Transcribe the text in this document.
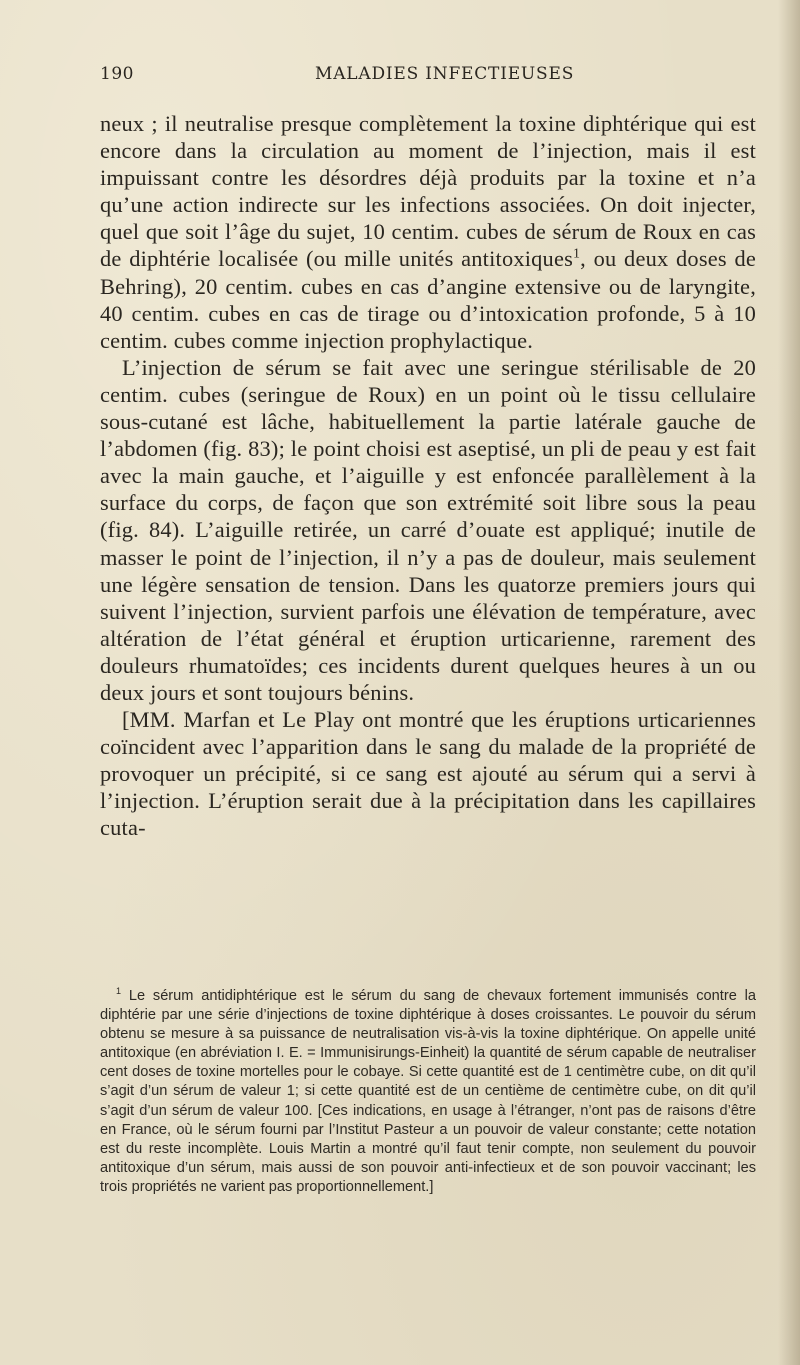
190	MALADIES INFECTIEUSES

neux ; il neutralise presque complètement la toxine diphtérique qui est encore dans la circulation au moment de l’injection, mais il est impuissant contre les désordres déjà produits par la toxine et n’a qu’une action indirecte sur les infections associées. On doit injecter, quel que soit l’âge du sujet, 10 centim. cubes de sérum de Roux en cas de diphtérie localisée (ou mille unités antitoxiques$^1$, ou deux doses de Behring), 20 centim. cubes en cas d’angine extensive ou de laryngite, 40 centim. cubes en cas de tirage ou d’intoxication profonde, 5 à 10 centim. cubes comme injection prophylactique.

L’injection de sérum se fait avec une seringue stérilisable de 20 centim. cubes (seringue de Roux) en un point où le tissu cellulaire sous-cutané est lâche, habituellement la partie latérale gauche de l’abdomen (fig. 83); le point choisi est aseptisé, un pli de peau y est fait avec la main gauche, et l’aiguille y est enfoncée parallèlement à la surface du corps, de façon que son extrémité soit libre sous la peau (fig. 84). L’aiguille retirée, un carré d’ouate est appliqué; inutile de masser le point de l’injection, il n’y a pas de douleur, mais seulement une légère sensation de tension. Dans les quatorze premiers jours qui suivent l’injection, survient parfois une élévation de température, avec altération de l’état général et éruption urticarienne, rarement des douleurs rhumatoïdes; ces incidents durent quelques heures à un ou deux jours et sont toujours bénins.

[MM. Marfan et Le Play ont montré que les éruptions urticariennes coïncident avec l’apparition dans le sang du malade de la propriété de provoquer un précipité, si ce sang est ajouté au sérum qui a servi à l’injection. L’éruption serait due à la précipitation dans les capillaires cuta-

$^1$ Le sérum antidiphtérique est le sérum du sang de chevaux fortement immunisés contre la diphtérie par une série d’injections de toxine diphtérique à doses croissantes. Le pouvoir du sérum obtenu se mesure à sa puissance de neutralisation vis-à-vis la toxine diphtérique. On appelle unité antitoxique (en abréviation I. E. = Immunisirungs-Einheit) la quantité de sérum capable de neutraliser cent doses de toxine mortelles pour le cobaye. Si cette quantité est de 1 centimètre cube, on dit qu’il s’agit d’un sérum de valeur 1; si cette quantité est de un centième de centimètre cube, on dit qu’il s’agit d’un sérum de valeur 100. [Ces indications, en usage à l’étranger, n’ont pas de raisons d’être en France, où le sérum fourni par l’Institut Pasteur a un pouvoir de valeur constante; cette notation est du reste incomplète. Louis Martin a montré qu’il faut tenir compte, non seulement du pouvoir antitoxique d’un sérum, mais aussi de son pouvoir anti-infectieux et de son pouvoir vaccinant; les trois propriétés ne varient pas proportionnellement.]
